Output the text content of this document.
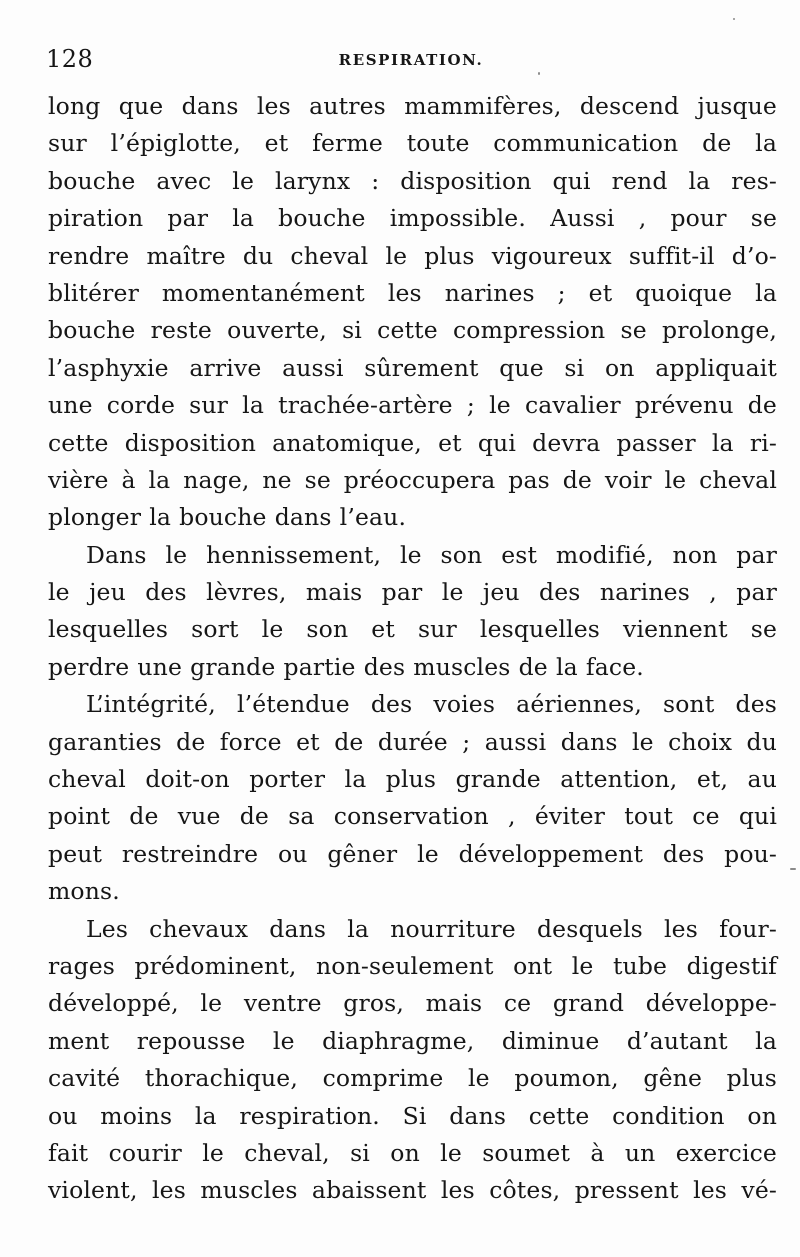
128	RESPIRATION.
long que dans les autres mammifères, descend jusque
sur l’épiglotte, et ferme toute communication de la
bouche avec le larynx : disposition qui rend la res-
piration par la bouche impossible. Aussi , pour se
rendre maître du cheval le plus vigoureux suffit-il d’o-
blitérer momentanément les narines ; et quoique la
bouche reste ouverte, si cette compression se prolonge,
l’asphyxie arrive aussi sûrement que si on appliquait
une corde sur la trachée-artère ; le cavalier prévenu de
cette disposition anatomique, et qui devra passer la ri-
vière à la nage, ne se préoccupera pas de voir le cheval
plonger la bouche dans l’eau.
Dans le hennissement, le son est modifié, non par
le jeu des lèvres, mais par le jeu des narines , par
lesquelles sort le son et sur lesquelles viennent se
perdre une grande partie des muscles de la face.
L’intégrité, l’étendue des voies aériennes, sont des
garanties de force et de durée ; aussi dans le choix du
cheval doit-on porter la plus grande attention, et, au
point de vue de sa conservation , éviter tout ce qui
peut restreindre ou gêner le développement des pou-
mons.
Les chevaux dans la nourriture desquels les four-
rages prédominent, non-seulement ont le tube digestif
développé, le ventre gros, mais ce grand développe-
ment repousse le diaphragme, diminue d’autant la
cavité thorachique, comprime le poumon, gêne plus
ou moins la respiration. Si dans cette condition on
fait courir le cheval, si on le soumet à un exercice
violent, les muscles abaissent les côtes, pressent les vé-
